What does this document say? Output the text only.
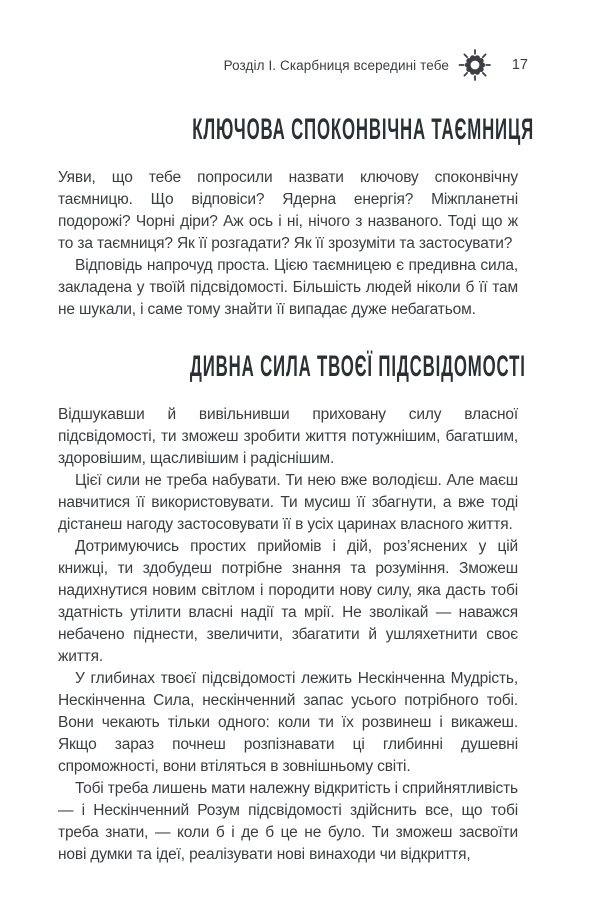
Розділ І. Скарбниця всередині тебе	17
КЛЮЧОВА СПОКОНВІЧНА ТАЄМНИЦЯ

Уяви, що тебе попросили назвати ключову споконвічну таємницю. Що відповіси? Ядерна енергія? Міжпланетні подорожі? Чорні діри? Аж ось і ні, нічого з названого. Тоді що ж то за таємниця? Як її розгадати? Як її зрозуміти та застосувати?

Відповідь напрочуд проста. Цією таємницею є предивна сила, закладена у твоїй підсвідомості. Більшість людей ніколи б її там не шукали, і саме тому знайти її випадає дуже небагатьом.

ДИВНА СИЛА ТВОЄЇ ПІДСВІДОМОСТІ

Відшукавши й вивільнивши приховану силу власної підсвідомості, ти зможеш зробити життя потужнішим, багатшим, здоровішим, щасливішим і радіснішим.

Цієї сили не треба набувати. Ти нею вже володієш. Але маєш навчитися її використовувати. Ти мусиш її збагнути, а вже тоді дістанеш нагоду застосовувати її в усіх царинах власного життя.

Дотримуючись простих прийомів і дій, роз’яснених у цій книжці, ти здобудеш потрібне знання та розуміння. Зможеш надихнутися новим світлом і породити нову силу, яка дасть тобі здатність утілити власні надії та мрії. Не зволікай — наважся небачено піднести, звеличити, збагатити й ушляхетнити своє життя.

У глибинах твоєї підсвідомості лежить Нескінченна Мудрість, Нескінченна Сила, нескінченний запас усього потрібного тобі. Вони чекають тільки одного: коли ти їх розвинеш і викажеш. Якщо зараз почнеш розпізнавати ці глибинні душевні спроможності, вони втіляться в зовнішньому світі.

Тобі треба лишень мати належну відкритість і сприйнятливість — і Нескінченний Розум підсвідомості здійснить все, що тобі треба знати, — коли б і де б це не було. Ти зможеш засвоїти нові думки та ідеї, реалізувати нові винаходи чи відкриття,
